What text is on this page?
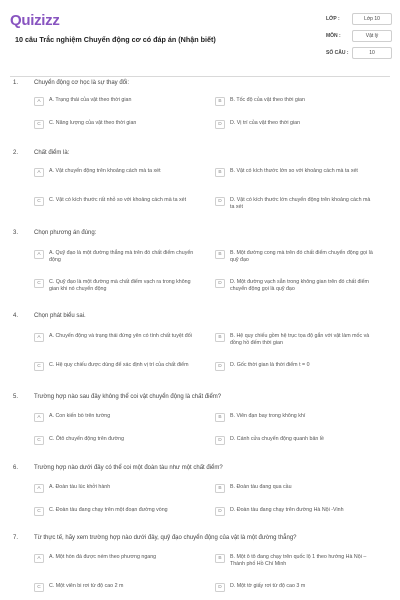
Quizizz
10 câu Trắc nghiệm Chuyển động cơ có đáp án (Nhận biết)
LỚP :	Lớp 10
MÔN :	Vật lý
SỐ CÂU :	10
1.	Chuyển động cơ học là sự thay đổi:
2.	Chất điểm là:
3.	Chọn phương án đúng:
4.	Chọn phát biểu sai.
5.	Trường hợp nào sau đây không thể coi vật chuyển động là chất điểm?
6.	Trường hợp nào dưới đây có thể coi một đoàn tàu như một chất điểm?
7.	Từ thực tế, hãy xem trường hợp nào dưới đây, quỹ đạo chuyển động của vật là một đường thẳng?
A	A. Trạng thái của vật theo thời gian	B	B. Tốc độ của vật theo thời gian
C	C. Năng lượng của vật theo thời gian	D	D. Vị trí của vật theo thời gian
A	A. Vật chuyển động trên khoảng cách mà ta xét	B	B. Vật có kích thước lớn so với khoảng cách mà ta xét
C	C. Vật có kích thước rất nhỏ so với khoảng cách mà ta xét	D	D. Vật có kích thước lớn chuyển động trên khoảng cách mà ta xét
A	A. Quỹ đạo là một đường thẳng mà trên đó chất điểm chuyển động
B	B. Một đường cong mà trên đó chất điểm chuyển động gọi là quỹ đạo
C	C. Quỹ đạo là một đường mà chất điểm vạch ra trong không gian khi nó chuyển động
D	D. Một đường vạch sẵn trong không gian trên đó chất điểm chuyển động gọi là quỹ đạo
A	A. Chuyển động và trạng thái đứng yên có tính chất tuyệt đối	B	B. Hệ quy chiếu gồm hệ trục tọa độ gắn với vật làm mốc và đồng hồ đếm thời gian
C	C. Hệ quy chiếu được dùng để xác định vị trí của chất điểm	D	D. Gốc thời gian là thời điểm t = 0
A	A. Con kiến bò trên tường	B	B. Viên đạn bay trong không khí
C	C. Ôtô chuyển động trên đường	D	D. Cánh cửa chuyển động quanh bản lề
A	A. Đoàn tàu lúc khởi hành	B	B. Đoàn tàu đang qua cầu
C	C. Đoàn tàu đang chạy trên một đoạn đường vòng	D	D. Đoàn tàu đang chạy trên đường Hà Nội -Vinh
A	A. Một hòn đá được ném theo phương ngang	B	B. Một ô tô đang chạy trên quốc lộ 1 theo hướng Hà Nội – Thành phố Hồ Chí Minh
C	C. Một viên bi rơi từ độ cao 2 m	D	D. Một tờ giấy rơi từ độ cao 3 m
